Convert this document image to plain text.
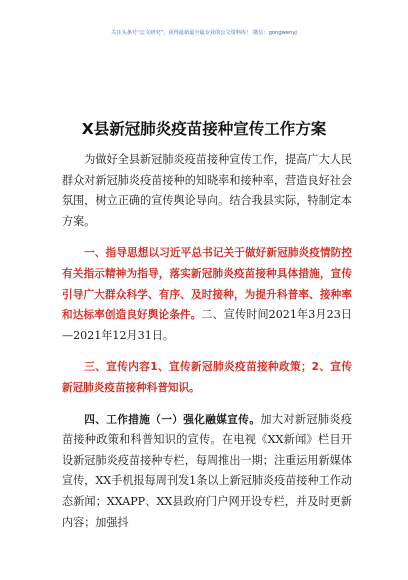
关注头条号“公文研究”，获得最新最全最专业的公文资料库！ 微信：gongwenyj
X县新冠肺炎疫苗接种宣传工作方案

为做好全县新冠肺炎疫苗接种宣传工作，提高广大人民群众对新冠肺炎疫苗接种的知晓率和接种率，营造良好社会氛围，树立正确的宣传舆论导向。结合我县实际，特制定本方案。

一、指导思想以习近平总书记关于做好新冠肺炎疫情防控有关指示精神为指导，落实新冠肺炎疫苗接种具体措施，宣传引导广大群众科学、有序、及时接种，为提升科普率、接种率和达标率创造良好舆论条件。二、宣传时间2021年3月23日—2021年12月31日。

三、宣传内容1、宣传新冠肺炎疫苗接种政策；2、宣传新冠肺炎疫苗接种科普知识。

四、工作措施（一）强化融媒宣传。加大对新冠肺炎疫苗接种政策和科普知识的宣传。在电视《XX新闻》栏目开设新冠肺炎疫苗接种专栏，每周推出一期；注重运用新媒体宣传，XX手机报每周刊发1条以上新冠肺炎疫苗接种工作动态新闻；XXAPP、XX县政府门户网开设专栏，并及时更新内容；加强抖
